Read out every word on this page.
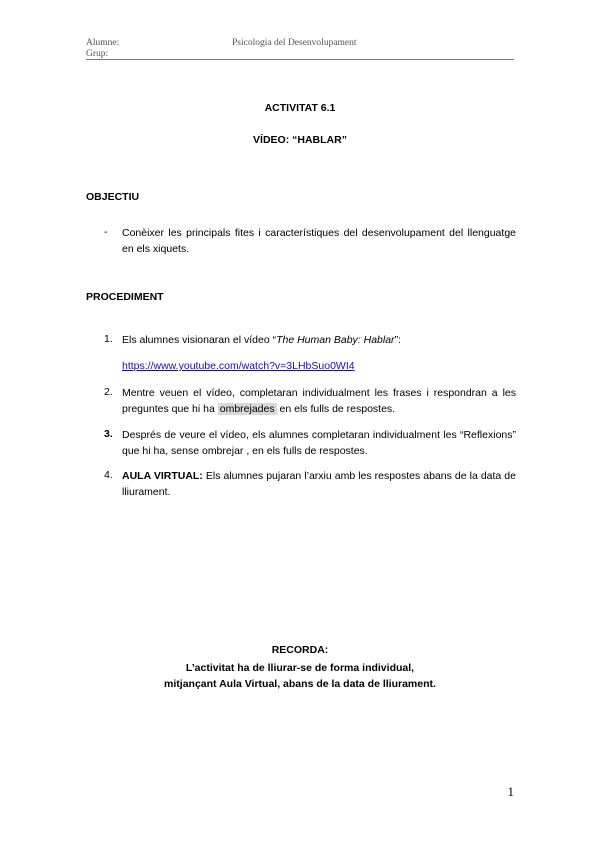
Alumne:
Grup:
Psicologia del Desenvolupament
ACTIVITAT 6.1
VÍDEO: “HABLAR”
OBJECTIU
- Conèixer les principals fites i característiques del desenvolupament del llenguatge en els xiquets.
PROCEDIMENT
1. Els alumnes visionaran el vídeo “The Human Baby: Hablar”:
https://www.youtube.com/watch?v=3LHbSuo0WI4
2. Mentre veuen el vídeo, completaran individualment les frases i respondran a les preguntes que hi ha ombrejades en els fulls de respostes.
3. Després de veure el vídeo, els alumnes completaran individualment les “Reflexions” que hi ha, sense ombrejar , en els fulls de respostes.
4. AULA VIRTUAL: Els alumnes pujaran l’arxiu amb les respostes abans de la data de lliurament.
RECORDA:
L’activitat ha de lliurar-se de forma individual,
mitjançant Aula Virtual, abans de la data de lliurament.
1
